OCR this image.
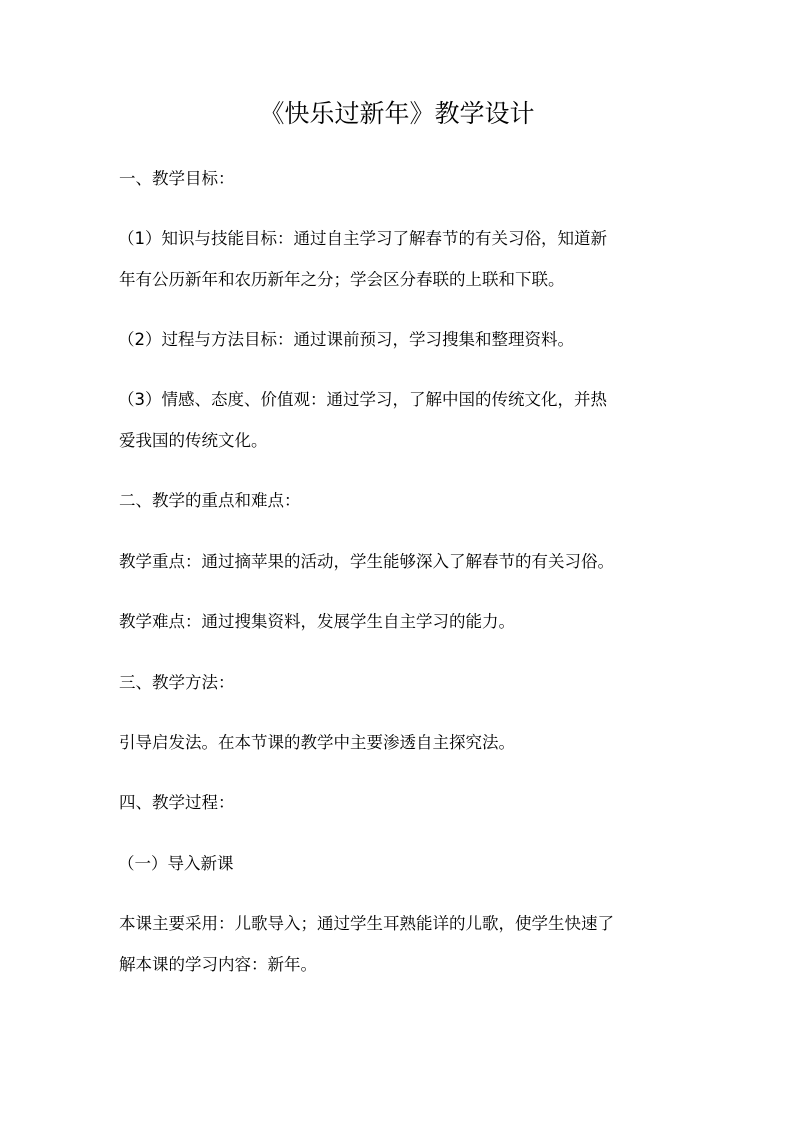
《快乐过新年》教学设计
一、教学目标：
（1）知识与技能目标：通过自主学习了解春节的有关习俗，知道新
年有公历新年和农历新年之分；学会区分春联的上联和下联。
（2）过程与方法目标：通过课前预习，学习搜集和整理资料。
（3）情感、态度、价值观：通过学习，了解中国的传统文化，并热
爱我国的传统文化。
二、教学的重点和难点：
教学重点：通过摘苹果的活动，学生能够深入了解春节的有关习俗。
教学难点：通过搜集资料，发展学生自主学习的能力。
三、教学方法：
引导启发法。在本节课的教学中主要渗透自主探究法。
四、教学过程：
（一）导入新课
本课主要采用：儿歌导入；通过学生耳熟能详的儿歌，使学生快速了
解本课的学习内容：新年。
